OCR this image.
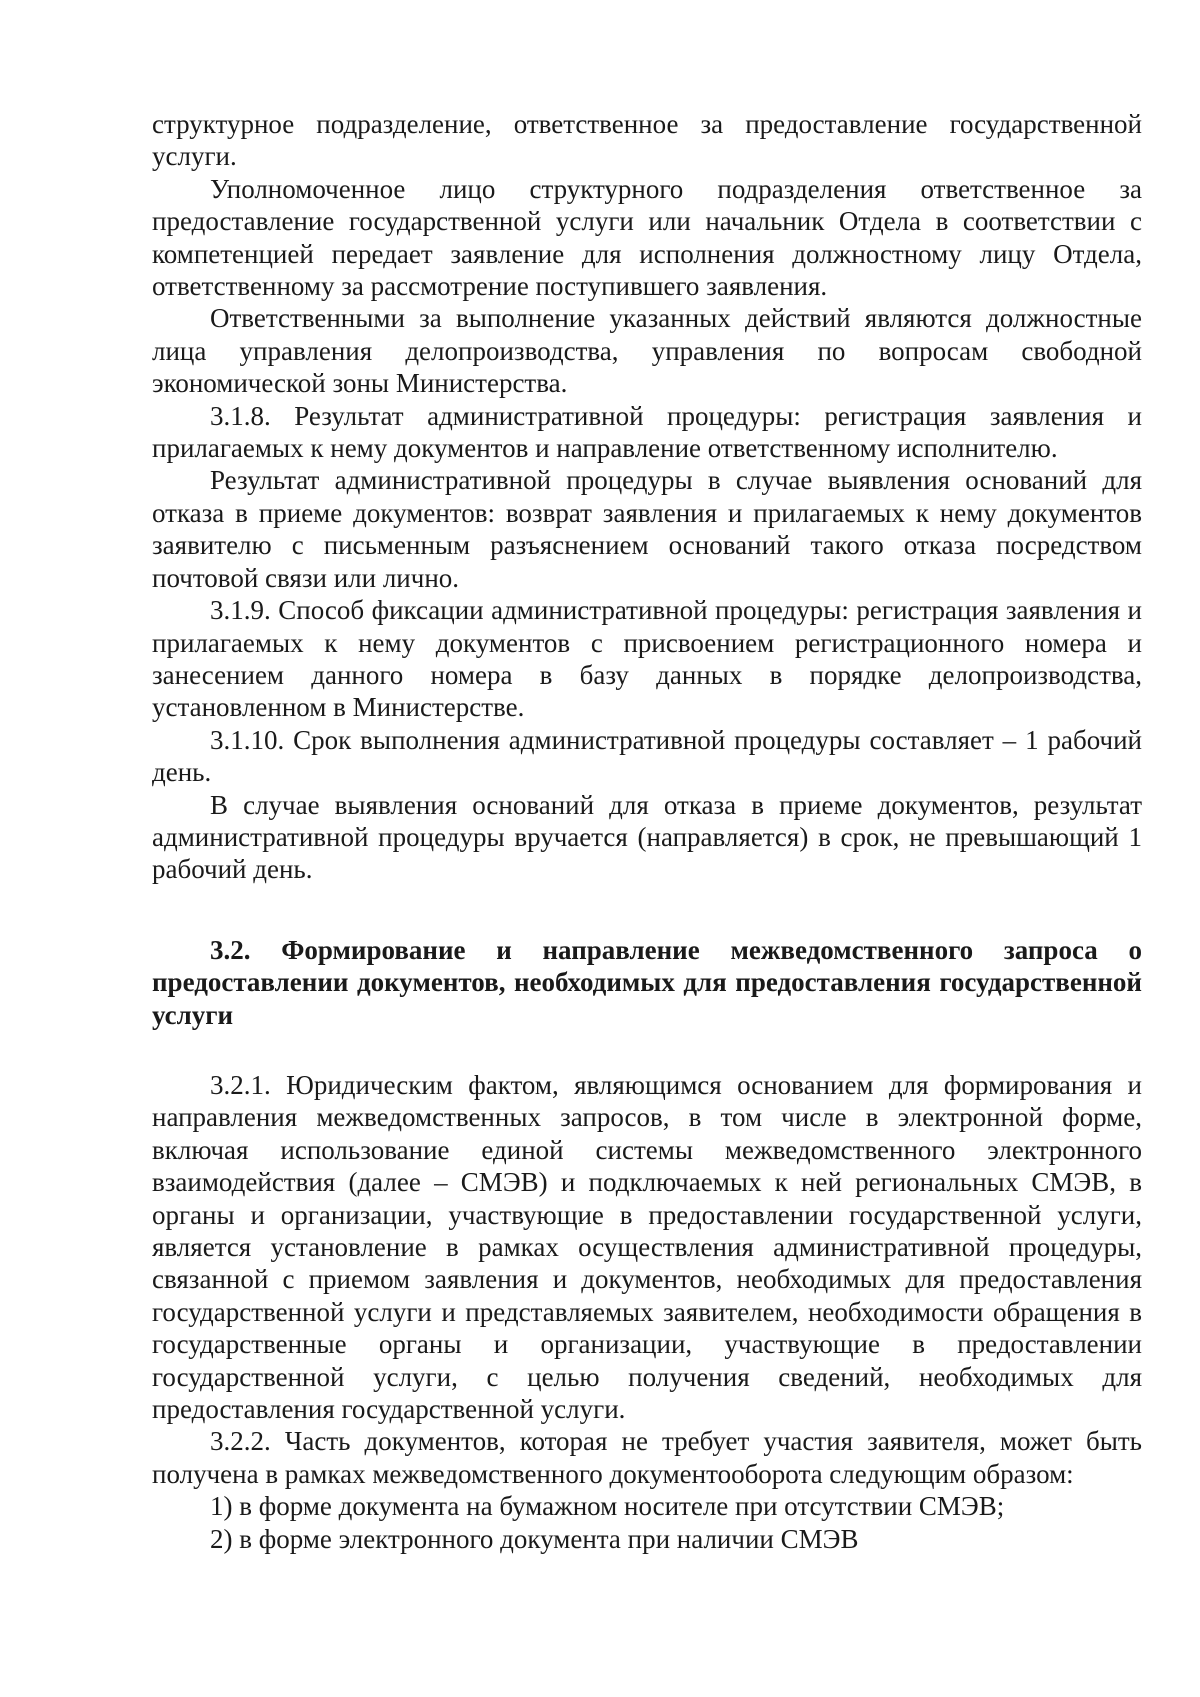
структурное подразделение, ответственное за предоставление государственной услуги.

Уполномоченное лицо структурного подразделения ответственное за предоставление государственной услуги или начальник Отдела в соответствии с компетенцией передает заявление для исполнения должностному лицу Отдела, ответственному за рассмотрение поступившего заявления.

Ответственными за выполнение указанных действий являются должностные лица управления делопроизводства, управления по вопросам свободной экономической зоны Министерства.

3.1.8. Результат административной процедуры: регистрация заявления и прилагаемых к нему документов и направление ответственному исполнителю.

Результат административной процедуры в случае выявления оснований для отказа в приеме документов: возврат заявления и прилагаемых к нему документов заявителю с письменным разъяснением оснований такого отказа посредством почтовой связи или лично.

3.1.9. Способ фиксации административной процедуры: регистрация заявления и прилагаемых к нему документов с присвоением регистрационного номера и занесением данного номера в базу данных в порядке делопроизводства, установленном в Министерстве.

3.1.10. Срок выполнения административной процедуры составляет – 1 рабочий день.

В случае выявления оснований для отказа в приеме документов, результат административной процедуры вручается (направляется) в срок, не превышающий 1 рабочий день.

3.2. Формирование и направление межведомственного запроса о предоставлении документов, необходимых для предоставления государственной услуги

3.2.1. Юридическим фактом, являющимся основанием для формирования и направления межведомственных запросов, в том числе в электронной форме, включая использование единой системы межведомственного электронного взаимодействия (далее – СМЭВ) и подключаемых к ней региональных СМЭВ, в органы и организации, участвующие в предоставлении государственной услуги, является установление в рамках осуществления административной процедуры, связанной с приемом заявления и документов, необходимых для предоставления государственной услуги и представляемых заявителем, необходимости обращения в государственные органы и организации, участвующие в предоставлении государственной услуги, с целью получения сведений, необходимых для предоставления государственной услуги.

3.2.2. Часть документов, которая не требует участия заявителя, может быть получена в рамках межведомственного документооборота следующим образом:

1) в форме документа на бумажном носителе при отсутствии СМЭВ;

2) в форме электронного документа при наличии СМЭВ
